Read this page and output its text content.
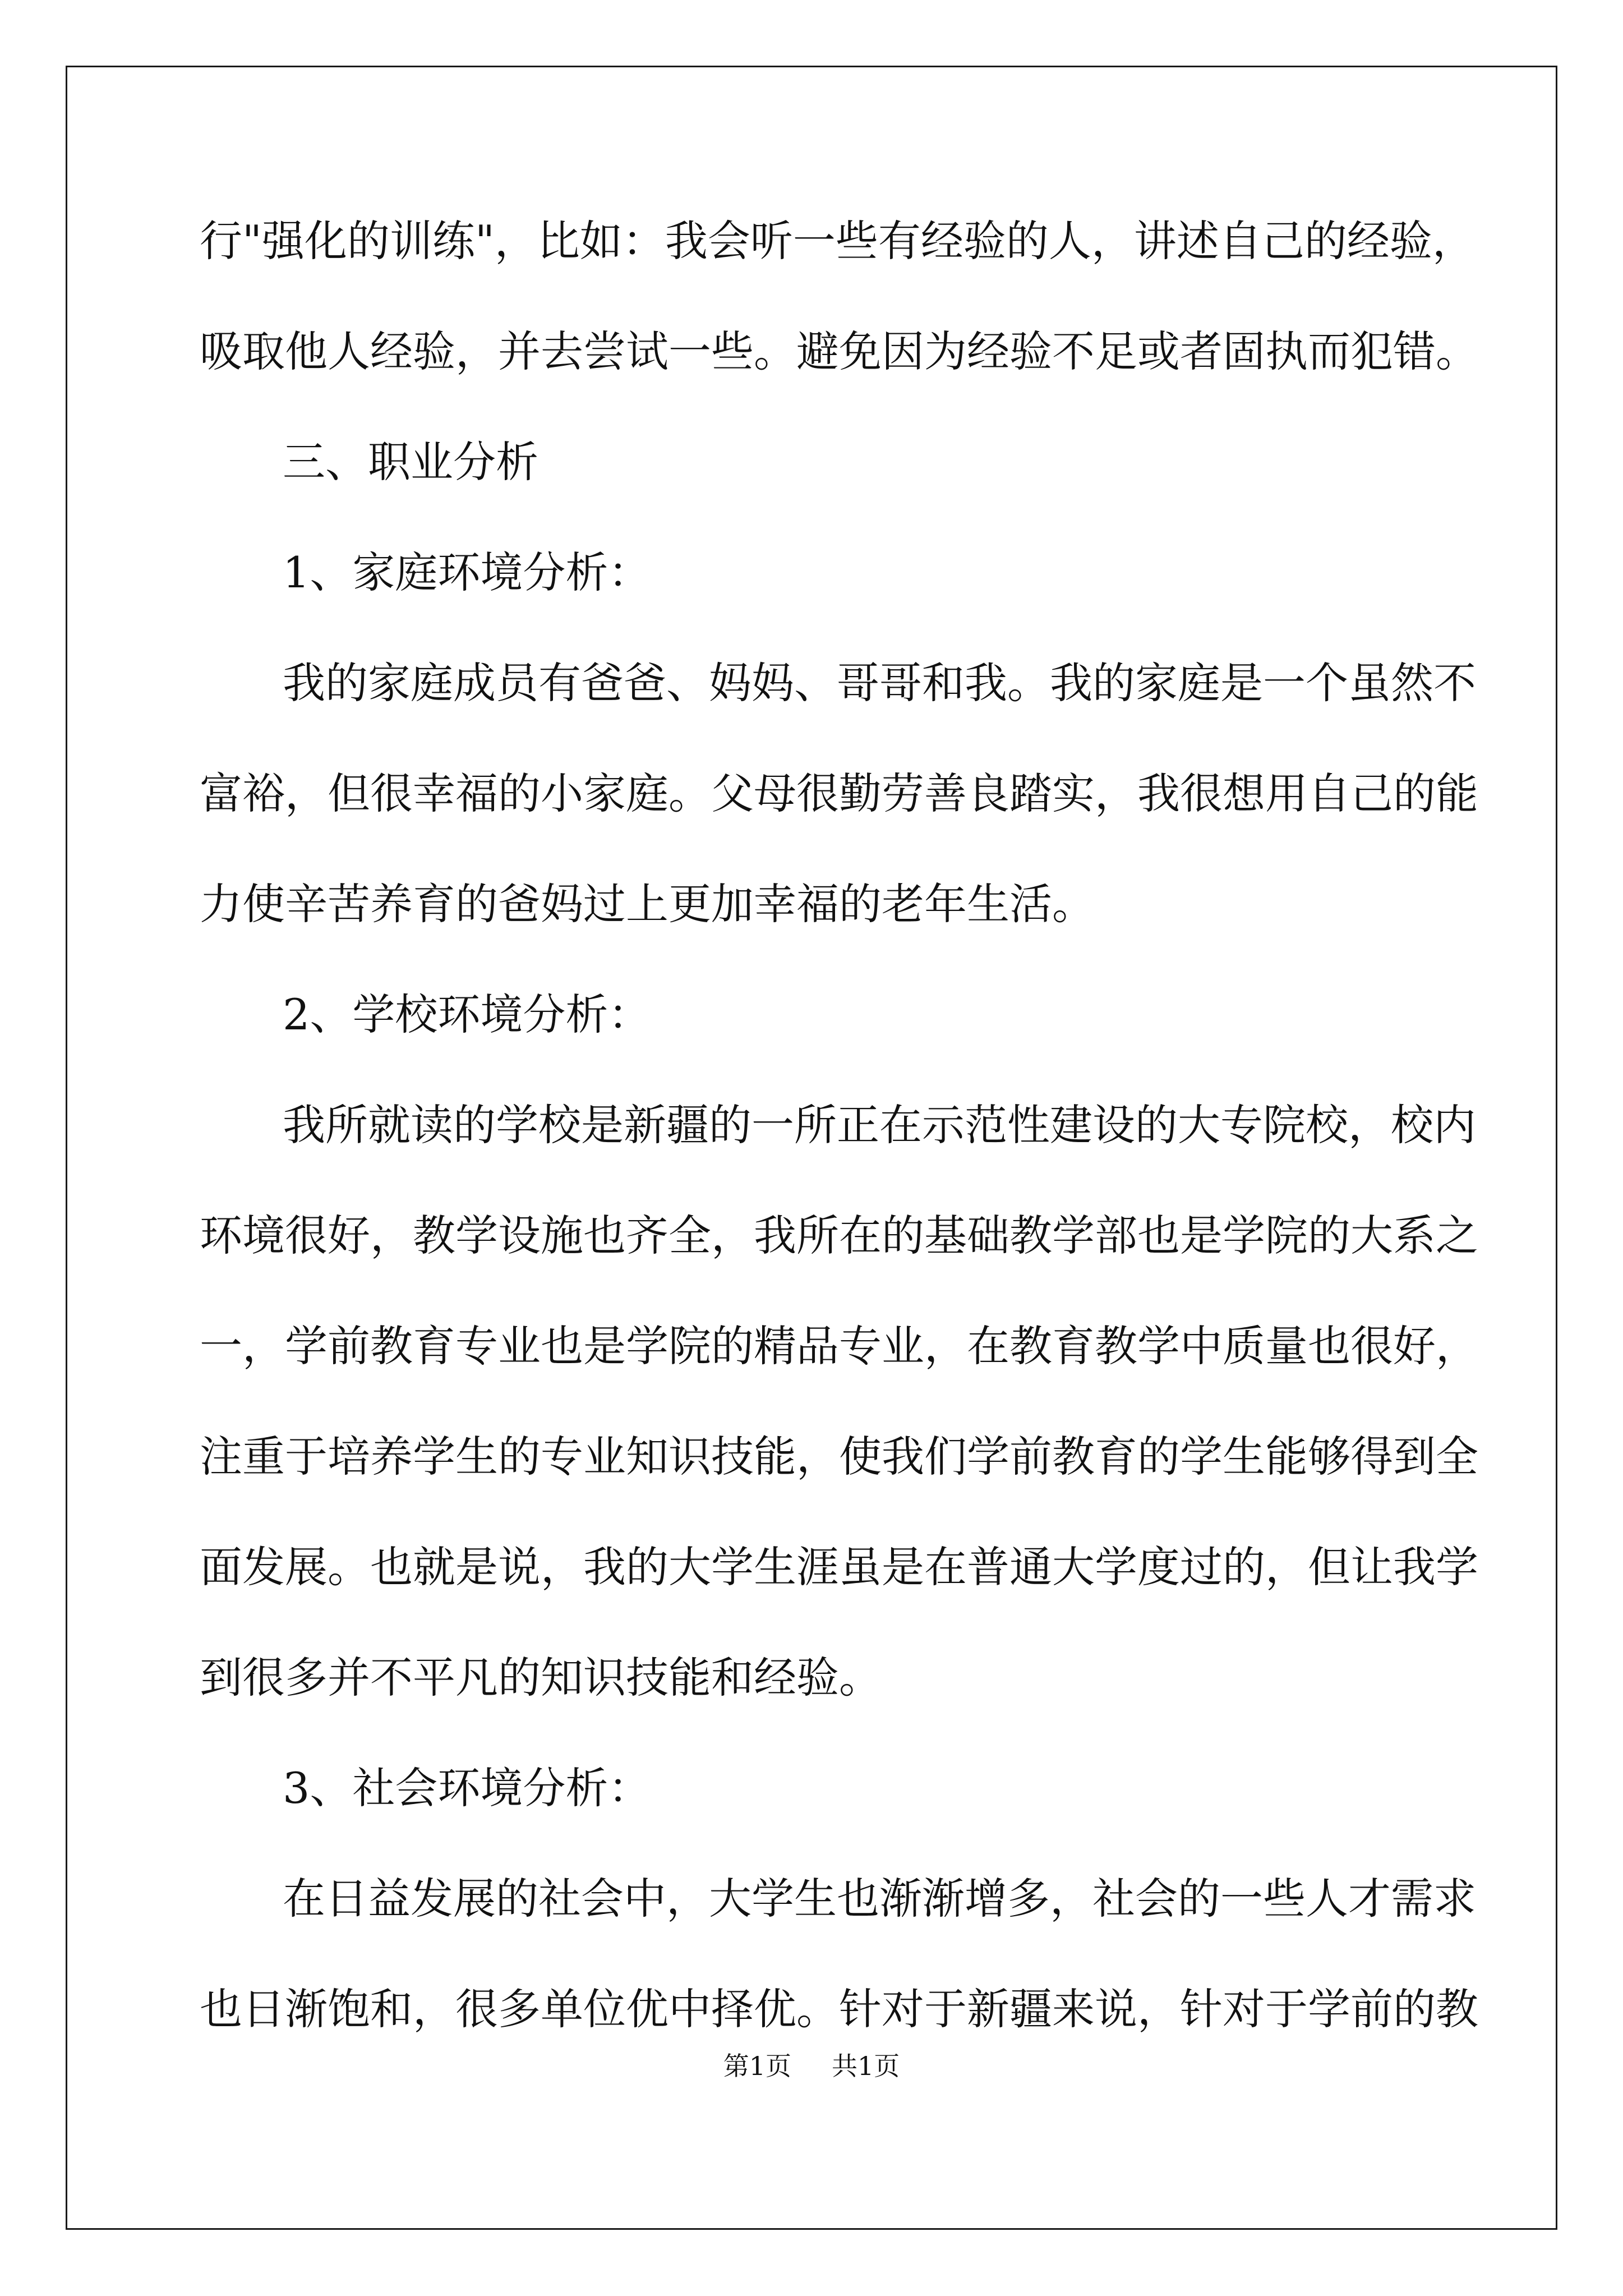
行"强化的训练"，比如：我会听一些有经验的人，讲述自己的经验，
吸取他人经验，并去尝试一些。避免因为经验不足或者固执而犯错。
三、职业分析
1、家庭环境分析：
我的家庭成员有爸爸、妈妈、哥哥和我。我的家庭是一个虽然不
富裕，但很幸福的小家庭。父母很勤劳善良踏实，我很想用自己的能
力使辛苦养育的爸妈过上更加幸福的老年生活。
2、学校环境分析：
我所就读的学校是新疆的一所正在示范性建设的大专院校，校内
环境很好，教学设施也齐全，我所在的基础教学部也是学院的大系之
一，学前教育专业也是学院的精品专业，在教育教学中质量也很好，
注重于培养学生的专业知识技能，使我们学前教育的学生能够得到全
面发展。也就是说，我的大学生涯虽是在普通大学度过的，但让我学
到很多并不平凡的知识技能和经验。
3、社会环境分析：
在日益发展的社会中，大学生也渐渐增多，社会的一些人才需求
也日渐饱和，很多单位优中择优。针对于新疆来说，针对于学前的教
第1页 共1页
